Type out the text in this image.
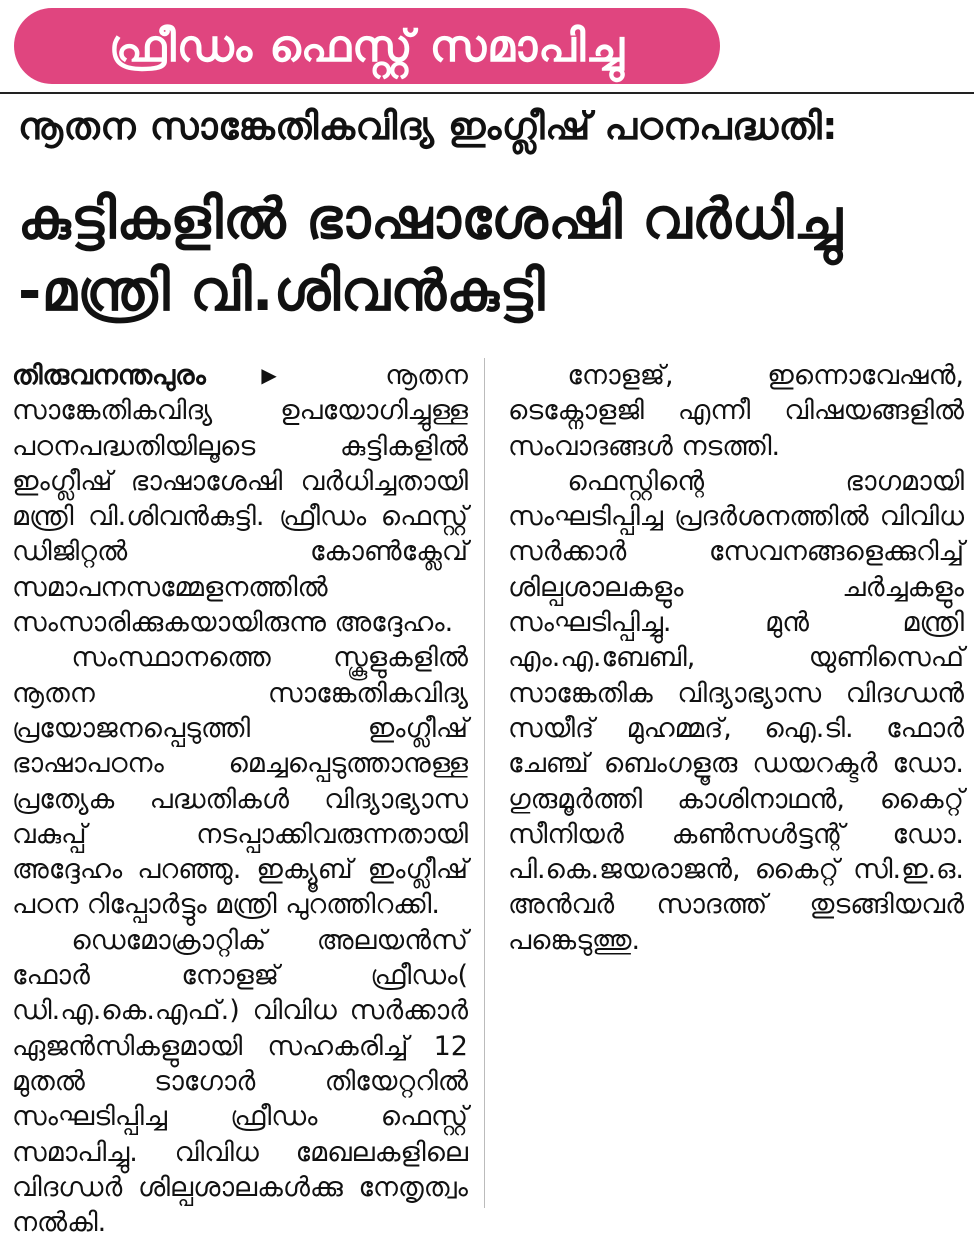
ഫ്രീഡം ഫെസ്റ്റ് സമാപിച്ചു
നൂതന സാങ്കേതികവിദ്യ ഇംഗ്ലീഷ് പഠനപദ്ധതി:
കുട്ടികളിൽ ഭാഷാശേഷി വർധിച്ചു
-മന്ത്രി വി.ശിവൻകുട്ടി

തിരുവനന്തപുരം	▶ നൂതന സാങ്കേതികവിദ്യ ഉപയോഗിച്ചുള്ള പഠനപദ്ധതിയിലൂടെ കുട്ടികളിൽ ഇംഗ്ലീഷ് ഭാഷാശേഷി വർധിച്ചതായി മന്ത്രി വി.ശിവൻകുട്ടി. ഫ്രീഡം ഫെസ്റ്റ് ഡിജിറ്റൽ കോൺക്ലേവ് സമാപനസമ്മേളനത്തിൽ സംസാരിക്കുകയായിരുന്നു അദ്ദേഹം.

സംസ്ഥാനത്തെ സ്കൂളുകളിൽ നൂതന സാങ്കേതികവിദ്യ പ്രയോജനപ്പെടുത്തി ഇംഗ്ലീഷ് ഭാഷാപഠനം മെച്ചപ്പെടുത്താനുള്ള പ്രത്യേക പദ്ധതികൾ വിദ്യാഭ്യാസ വകുപ്പ് നടപ്പാക്കിവരുന്നതായി അദ്ദേഹം പറഞ്ഞു. ഇക്യൂബ് ഇംഗ്ലീഷ് പഠന റിപ്പോർട്ടും മന്ത്രി പുറത്തിറക്കി.

ഡെമോക്രാറ്റിക് അലയൻസ് ഫോർ നോളജ് ഫ്രീഡം( ഡി.എ.കെ.എഫ്.) വിവിധ സർക്കാർ ഏജൻസികളുമായി സഹകരിച്ച് 12 മുതൽ ടാഗോർ തിയേറ്ററിൽ സംഘടിപ്പിച്ച ഫ്രീഡം ഫെസ്റ്റ് സമാപിച്ചു. വിവിധ മേഖലകളിലെ വിദഗ്ധർ ശില്പശാലകൾക്കു നേതൃത്വം നൽകി.

നോളജ്, ഇന്നൊവേഷൻ, ടെക്നോളജി എന്നീ വിഷയങ്ങളിൽ സംവാദങ്ങൾ നടത്തി.

ഫെസ്റ്റിന്റെ ഭാഗമായി സംഘടിപ്പിച്ച പ്രദർശനത്തിൽ വിവിധ സർക്കാർ സേവനങ്ങളെക്കുറിച്ച് ശില്പശാലകളും ചർച്ചകളും സംഘടിപ്പിച്ചു. മുൻ മന്ത്രി എം.എ.ബേബി, യുണിസെഫ് സാങ്കേതിക വിദ്യാഭ്യാസ വിദഗ്ധൻ സയീദ് മുഹമ്മദ്, ഐ.ടി. ഫോർ ചേഞ്ച് ബെംഗളൂരു ഡയറക്ടർ ഡോ. ഗുരുമൂർത്തി കാശിനാഥൻ, കൈറ്റ് സീനിയർ കൺസൾട്ടന്റ് ഡോ. പി.കെ.ജയരാജൻ, കൈറ്റ് സി.ഇ.ഒ. അൻവർ സാദത്ത് തുടങ്ങിയവർ പങ്കെടുത്തു.
